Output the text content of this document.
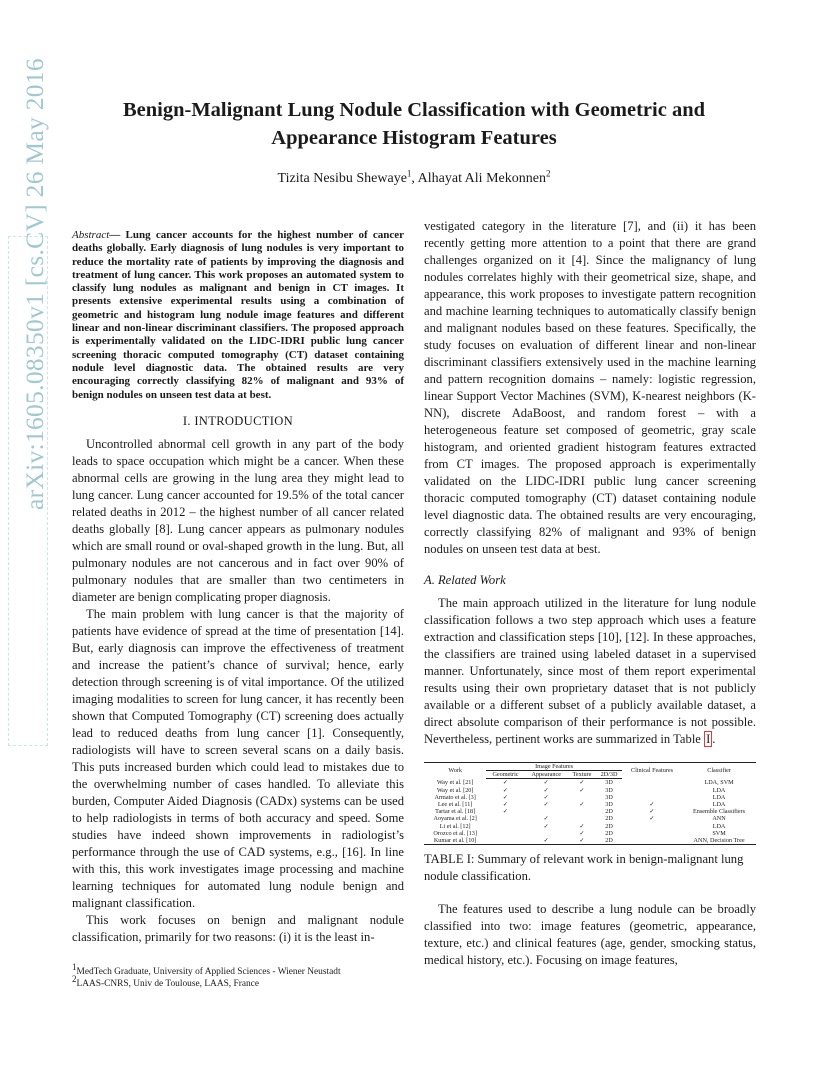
arXiv:1605.08350v1 [cs.CV] 26 May 2016	Benign-Malignant Lung Nodule Classification with Geometric and
Appearance Histogram Features
Tizita Nesibu Shewaye$^1$, Alhayat Ali Mekonnen$^2$

Abstract— Lung cancer accounts for the highest number of cancer deaths globally. Early diagnosis of lung nodules is very important to reduce the mortality rate of patients by improving the diagnosis and treatment of lung cancer. This work proposes an automated system to classify lung nodules as malignant and benign in CT images. It presents extensive experimental results using a combination of geometric and histogram lung nodule image features and different linear and non-linear discriminant classifiers. The proposed approach is experimentally validated on the LIDC-IDRI public lung cancer screening thoracic computed tomography (CT) dataset containing nodule level diagnostic data. The obtained results are very encouraging correctly classifying 82% of malignant and 93% of benign nodules on unseen test data at best.

I. INTRODUCTION

Uncontrolled abnormal cell growth in any part of the body leads to space occupation which might be a cancer. When these abnormal cells are growing in the lung area they might lead to lung cancer. Lung cancer accounted for 19.5% of the total cancer related deaths in 2012 – the highest number of all cancer related deaths globally [8]. Lung cancer appears as pulmonary nodules which are small round or oval-shaped growth in the lung. But, all pulmonary nodules are not cancerous and in fact over 90% of pulmonary nodules that are smaller than two centimeters in diameter are benign complicating proper diagnosis.

The main problem with lung cancer is that the majority of patients have evidence of spread at the time of presentation [14]. But, early diagnosis can improve the effectiveness of treatment and increase the patient’s chance of survival; hence, early detection through screening is of vital importance. Of the utilized imaging modalities to screen for lung cancer, it has recently been shown that Computed Tomography (CT) screening does actually lead to reduced deaths from lung cancer [1]. Consequently, radiologists will have to screen several scans on a daily basis. This puts increased burden which could lead to mistakes due to the overwhelming number of cases handled. To alleviate this burden, Computer Aided Diagnosis (CADx) systems can be used to help radiologists in terms of both accuracy and speed. Some studies have indeed shown improvements in radiologist’s performance through the use of CAD systems, e.g., [16]. In line with this, this work investigates image processing and machine learning techniques for automated lung nodule benign and malignant classification.

This work focuses on benign and malignant nodule classification, primarily for two reasons: (i) it is the least in-

$^1$MedTech Graduate, University of Applied Sciences - Wiener Neustadt
$^2$LAAS-CNRS, Univ de Toulouse, LAAS, France

vestigated category in the literature [7], and (ii) it has been recently getting more attention to a point that there are grand challenges organized on it [4]. Since the malignancy of lung nodules correlates highly with their geometrical size, shape, and appearance, this work proposes to investigate pattern recognition and machine learning techniques to automatically classify benign and malignant nodules based on these features. Specifically, the study focuses on evaluation of different linear and non-linear discriminant classifiers extensively used in the machine learning and pattern recognition domains – namely: logistic regression, linear Support Vector Machines (SVM), K-nearest neighbors (K-NN), discrete AdaBoost, and random forest – with a heterogeneous feature set composed of geometric, gray scale histogram, and oriented gradient histogram features extracted from CT images. The proposed approach is experimentally validated on the LIDC-IDRI public lung cancer screening thoracic computed tomography (CT) dataset containing nodule level diagnostic data. The obtained results are very encouraging, correctly classifying 82% of malignant and 93% of benign nodules on unseen test data at best.

A. Related Work

The main approach utilized in the literature for lung nodule classification follows a two step approach which uses a feature extraction and classification steps [10], [12]. In these approaches, the classifiers are trained using labeled dataset in a supervised manner. Unfortunately, since most of them report experimental results using their own proprietary dataset that is not publicly available or a different subset of a publicly available dataset, a direct absolute comparison of their performance is not possible. Nevertheless, pertinent works are summarized in Table I .

Work	Image Features				Clinical Features	Classifier
	Geometric	Appearance	Texture	2D/3D		
Way et al. [21]	✓	✓	✓	3D		LDA, SVM
Way et al. [20]	✓	✓	✓	3D		LDA
Armato et al. [3]	✓	✓		3D		LDA
Lee et al. [11]	✓	✓	✓	3D	✓	LDA
Tartar et al. [18]	✓			2D	✓	Ensemble Classifiers
Aoyama et al. [2]		✓		2D	✓	ANN
Li et al. [12]		✓	✓	2D		LDA
Orozco et al. [13]			✓	2D		SVM
Kumar et al. [10]		✓	✓	2D		ANN, Decision Tree
TABLE I: Summary of relevant work in benign-malignant lung nodule classification.

The features used to describe a lung nodule can be broadly classified into two: image features (geometric, appearance, texture, etc.) and clinical features (age, gender, smocking status, medical history, etc.). Focusing on image features,
